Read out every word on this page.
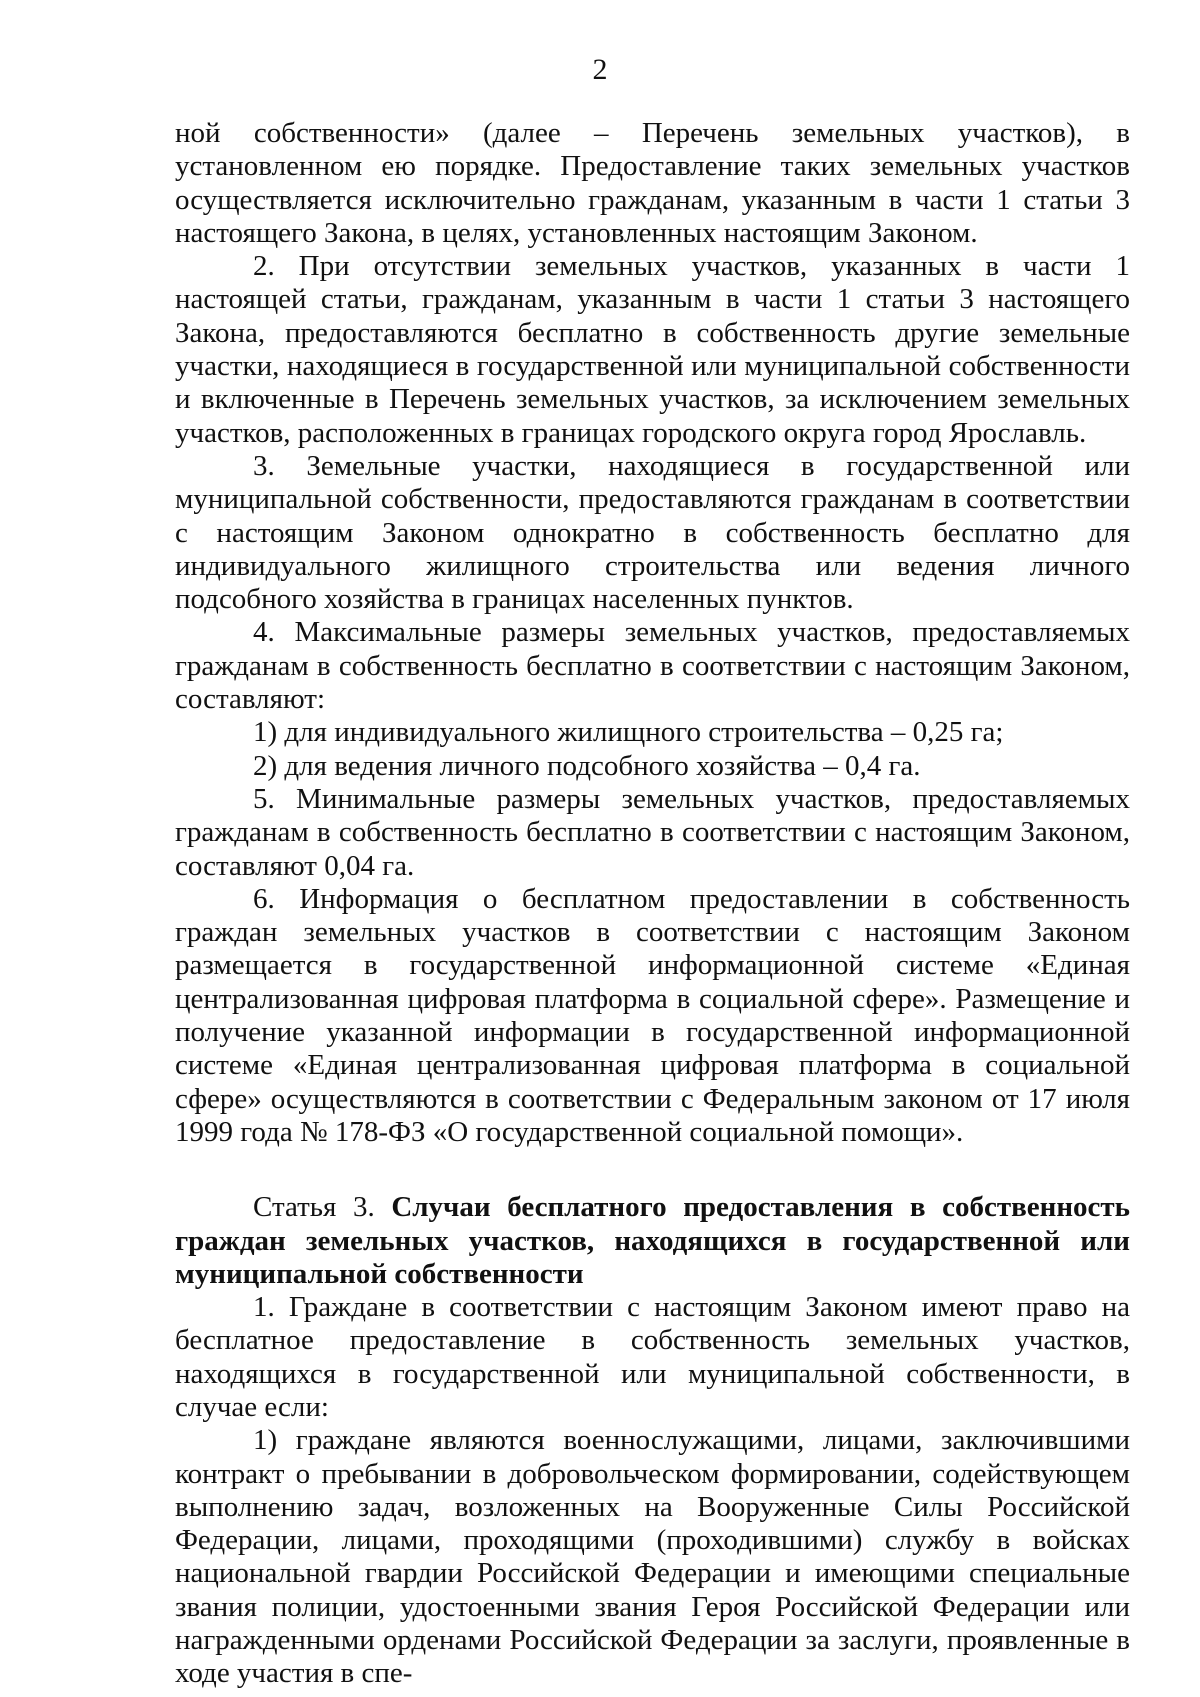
2

ной собственности» (далее – Перечень земельных участков), в установленном ею порядке. Предоставление таких земельных участков осуществляется исключительно гражданам, указанным в части 1 статьи 3 настоящего Закона, в целях, установленных настоящим Законом.

2. При отсутствии земельных участков, указанных в части 1 настоящей статьи, гражданам, указанным в части 1 статьи 3 настоящего Закона, предоставляются бесплатно в собственность другие земельные участки, находящиеся в государственной или муниципальной собственности и включенные в Перечень земельных участков, за исключением земельных участков, расположенных в границах городского округа город Ярославль.

3. Земельные участки, находящиеся в государственной или муниципальной собственности, предоставляются гражданам в соответствии с настоящим Законом однократно в собственность бесплатно для индивидуального жилищного строительства или ведения личного подсобного хозяйства в границах населенных пунктов.

4. Максимальные размеры земельных участков, предоставляемых гражданам в собственность бесплатно в соответствии с настоящим Законом, составляют:

1) для индивидуального жилищного строительства – 0,25 га;

2) для ведения личного подсобного хозяйства – 0,4 га.

5. Минимальные размеры земельных участков, предоставляемых гражданам в собственность бесплатно в соответствии с настоящим Законом, составляют 0,04 га.

6. Информация о бесплатном предоставлении в собственность граждан земельных участков в соответствии с настоящим Законом размещается в государственной информационной системе «Единая централизованная цифровая платформа в социальной сфере». Размещение и получение указанной информации в государственной информационной системе «Единая централизованная цифровая платформа в социальной сфере» осуществляются в соответствии с Федеральным законом от 17 июля 1999 года № 178-ФЗ «О государственной социальной помощи».

Статья 3. Случаи бесплатного предоставления в собственность граждан земельных участков, находящихся в государственной или муниципальной собственности

1. Граждане в соответствии с настоящим Законом имеют право на бесплатное предоставление в собственность земельных участков, находящихся в государственной или муниципальной собственности, в случае если:

1) граждане являются военнослужащими, лицами, заключившими контракт о пребывании в добровольческом формировании, содействующем выполнению задач, возложенных на Вооруженные Силы Российской Федерации, лицами, проходящими (проходившими) службу в войсках национальной гвардии Российской Федерации и имеющими специальные звания полиции, удостоенными звания Героя Российской Федерации или награжденными орденами Российской Федерации за заслуги, проявленные в ходе участия в спе-
